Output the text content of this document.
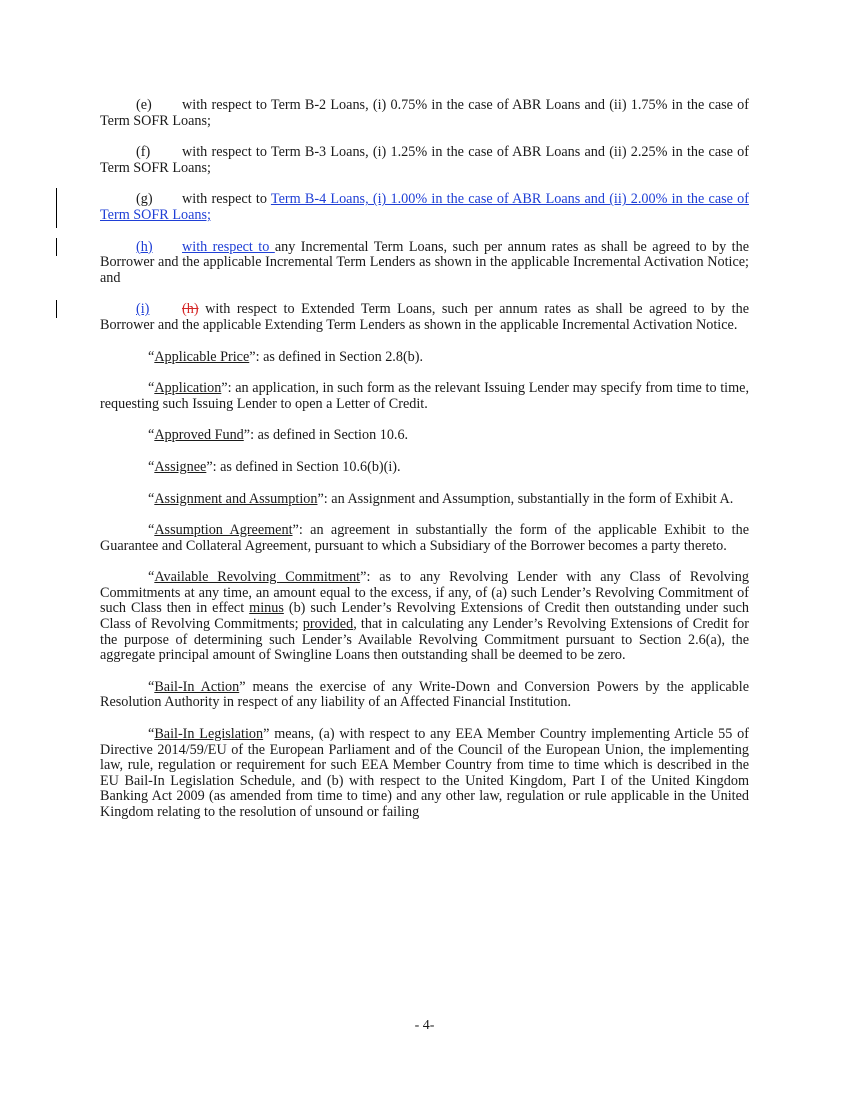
(e) with respect to Term B-2 Loans, (i) 0.75% in the case of ABR Loans and (ii) 1.75% in the case of Term SOFR Loans;

(f) with respect to Term B-3 Loans, (i) 1.25% in the case of ABR Loans and (ii) 2.25% in the case of Term SOFR Loans;

(g) with respect to Term B-4 Loans, (i) 1.00% in the case of ABR Loans and (ii) 2.00% in the case of Term SOFR Loans;

(h) with respect to any Incremental Term Loans, such per annum rates as shall be agreed to by the Borrower and the applicable Incremental Term Lenders as shown in the applicable Incremental Activation Notice; and

(i) (h) with respect to Extended Term Loans, such per annum rates as shall be agreed to by the Borrower and the applicable Extending Term Lenders as shown in the applicable Incremental Activation Notice.

“Applicable Price”: as defined in Section 2.8(b).

“Application”: an application, in such form as the relevant Issuing Lender may specify from time to time, requesting such Issuing Lender to open a Letter of Credit.

“Approved Fund”: as defined in Section 10.6.

“Assignee”: as defined in Section 10.6(b)(i).

“Assignment and Assumption”: an Assignment and Assumption, substantially in the form of Exhibit A.

“Assumption Agreement”: an agreement in substantially the form of the applicable Exhibit to the Guarantee and Collateral Agreement, pursuant to which a Subsidiary of the Borrower becomes a party thereto.

“Available Revolving Commitment”: as to any Revolving Lender with any Class of Revolving Commitments at any time, an amount equal to the excess, if any, of (a) such Lender’s Revolving Commitment of such Class then in effect minus (b) such Lender’s Revolving Extensions of Credit then outstanding under such Class of Revolving Commitments; provided, that in calculating any Lender’s Revolving Extensions of Credit for the purpose of determining such Lender’s Available Revolving Commitment pursuant to Section 2.6(a), the aggregate principal amount of Swingline Loans then outstanding shall be deemed to be zero.

“Bail-In Action” means the exercise of any Write-Down and Conversion Powers by the applicable Resolution Authority in respect of any liability of an Affected Financial Institution.

“Bail-In Legislation” means, (a) with respect to any EEA Member Country implementing Article 55 of Directive 2014/59/EU of the European Parliament and of the Council of the European Union, the implementing law, rule, regulation or requirement for such EEA Member Country from time to time which is described in the EU Bail-In Legislation Schedule, and (b) with respect to the United Kingdom, Part I of the United Kingdom Banking Act 2009 (as amended from time to time) and any other law, regulation or rule applicable in the United Kingdom relating to the resolution of unsound or failing

- 4-
